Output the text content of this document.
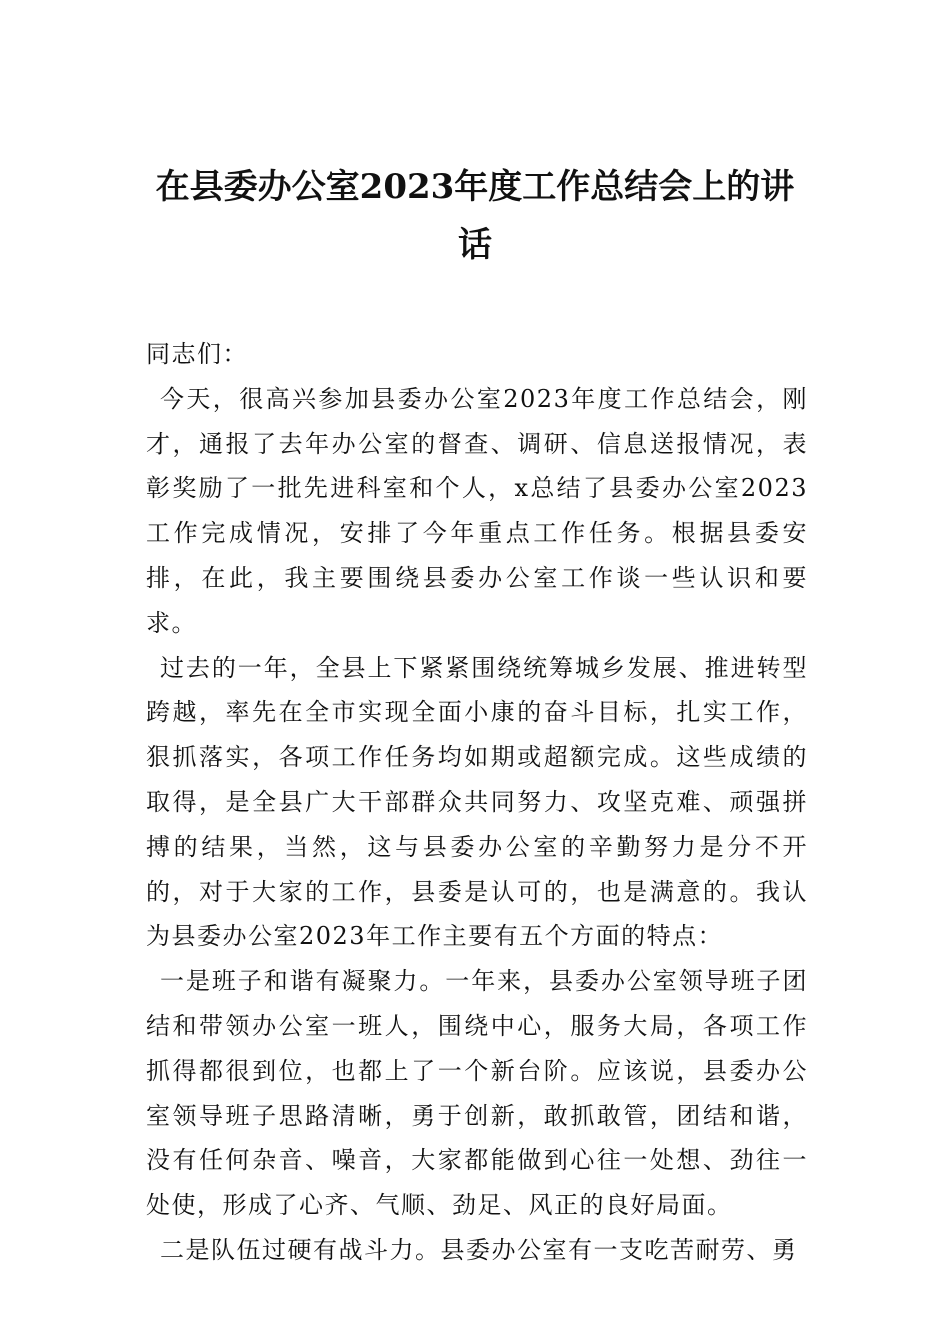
在县委办公室2023年度工作总结会上的讲话

同志们：

今天，很高兴参加县委办公室2023年度工作总结会，刚才，通报了去年办公室的督查、调研、信息送报情况，表彰奖励了一批先进科室和个人，x总结了县委办公室2023工作完成情况，安排了今年重点工作任务。根据县委安排，在此，我主要围绕县委办公室工作谈一些认识和要求。

过去的一年，全县上下紧紧围绕统筹城乡发展、推进转型跨越，率先在全市实现全面小康的奋斗目标，扎实工作，狠抓落实，各项工作任务均如期或超额完成。这些成绩的取得，是全县广大干部群众共同努力、攻坚克难、顽强拼搏的结果，当然，这与县委办公室的辛勤努力是分不开的，对于大家的工作，县委是认可的，也是满意的。我认为县委办公室2023年工作主要有五个方面的特点：

一是班子和谐有凝聚力。一年来，县委办公室领导班子团结和带领办公室一班人，围绕中心，服务大局，各项工作抓得都很到位，也都上了一个新台阶。应该说，县委办公室领导班子思路清晰，勇于创新，敢抓敢管，团结和谐，没有任何杂音、噪音，大家都能做到心往一处想、劲往一处使，形成了心齐、气顺、劲足、风正的良好局面。

二是队伍过硬有战斗力。县委办公室有一支吃苦耐劳、勇
